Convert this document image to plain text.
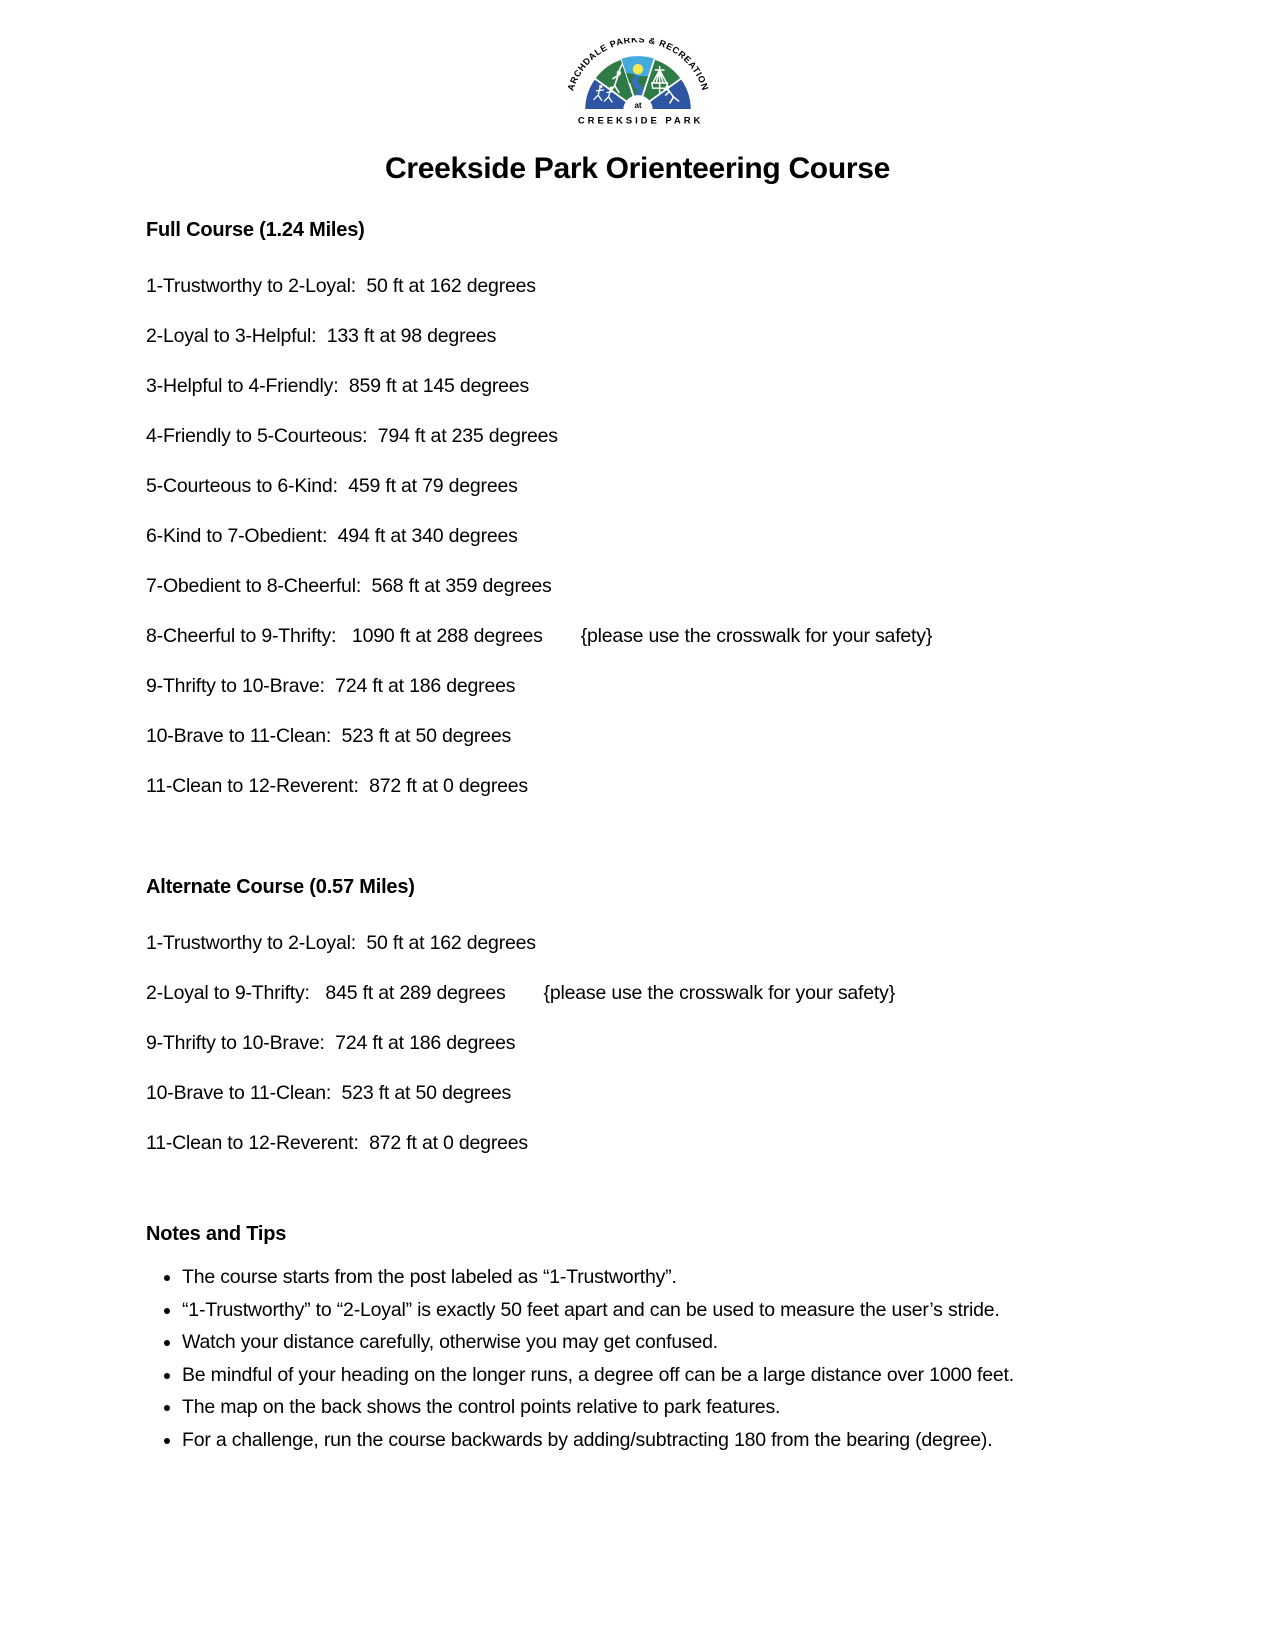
ARCHDALE PARKS & RECREATION
at
CREEKSIDE PARK
Creekside Park Orienteering Course
Full Course (1.24 Miles)

1-Trustworthy to 2-Loyal:  50 ft at 162 degrees

2-Loyal to 3-Helpful:  133 ft at 98 degrees

3-Helpful to 4-Friendly:  859 ft at 145 degrees

4-Friendly to 5-Courteous:  794 ft at 235 degrees

5-Courteous to 6-Kind:  459 ft at 79 degrees

6-Kind to 7-Obedient:  494 ft at 340 degrees

7-Obedient to 8-Cheerful:  568 ft at 359 degrees

8-Cheerful to 9-Thrifty:   1090 ft at 288 degrees {please use the crosswalk for your safety}

9-Thrifty to 10-Brave:  724 ft at 186 degrees

10-Brave to 11-Clean:  523 ft at 50 degrees

11-Clean to 12-Reverent:  872 ft at 0 degrees

Alternate Course (0.57 Miles)

1-Trustworthy to 2-Loyal:  50 ft at 162 degrees

2-Loyal to 9-Thrifty:   845 ft at 289 degrees {please use the crosswalk for your safety}

9-Thrifty to 10-Brave:  724 ft at 186 degrees

10-Brave to 11-Clean:  523 ft at 50 degrees

11-Clean to 12-Reverent:  872 ft at 0 degrees

Notes and Tips
• The course starts from the post labeled as “1-Trustworthy”.
• “1-Trustworthy” to “2-Loyal” is exactly 50 feet apart and can be used to measure the user’s stride.
• Watch your distance carefully, otherwise you may get confused.
• Be mindful of your heading on the longer runs, a degree off can be a large distance over 1000 feet.
• The map on the back shows the control points relative to park features.
• For a challenge, run the course backwards by adding/subtracting 180 from the bearing (degree).
